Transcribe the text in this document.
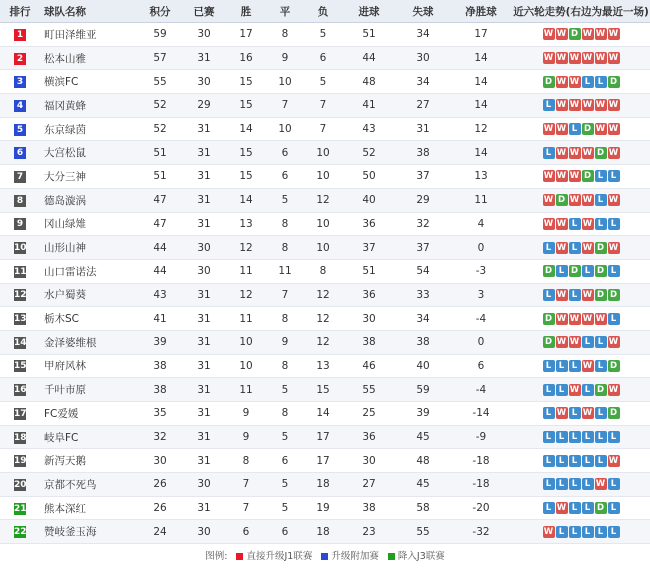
排行	球队名称	积分	已赛	胜	平	负	进球	失球	净胜球	近六轮走势(右边为最近一场)
1	町田泽维亚	59	30	17	8	5	51	34	17	W W D W W W
2	松本山雅	57	31	16	9	6	44	30	14	W W W W W W
3	横滨FC	55	30	15	10	5	48	34	14	D W W L L D
4	福冈黄蜂	52	29	15	7	7	41	27	14	L W W W W W
5	东京绿茵	52	31	14	10	7	43	31	12	W W L D W W
6	大宫松鼠	51	31	15	6	10	52	38	14	L W W W D W
7	大分三神	51	31	15	6	10	50	37	13	W W W D L L
8	德岛漩涡	47	31	14	5	12	40	29	11	W D W W L W
9	冈山绿雉	47	31	13	8	10	36	32	4	W W L W L L
10	山形山神	44	30	12	8	10	37	37	0	L W L W D W
11	山口雷诺法	44	30	11	11	8	51	54	-3	D L D L D L
12	水户蜀葵	43	31	12	7	12	36	33	3	L W L W D D
13	栃木SC	41	31	11	8	12	30	34	-4	D W W W W L
14	金泽婆维根	39	31	10	9	12	38	38	0	D W W L L W
15	甲府风林	38	31	10	8	13	46	40	6	L L L W L D
16	千叶市原	38	31	11	5	15	55	59	-4	L L W L D W
17	FC爱媛	35	31	9	8	14	25	39	-14	L W L W L D
18	岐阜FC	32	31	9	5	17	36	45	-9	L L L L L L
19	新泻天鹅	30	31	8	6	17	30	48	-18	L L L L L W
20	京都不死鸟	26	30	7	5	18	27	45	-18	L L L L W L
21	熊本深红	26	31	7	5	19	38	58	-20	L W L L D L
22	赞岐釜玉海	24	30	6	6	18	23	55	-32	W L L L L L
图例: 直接升级J1联赛 升级附加赛 降入J3联赛
